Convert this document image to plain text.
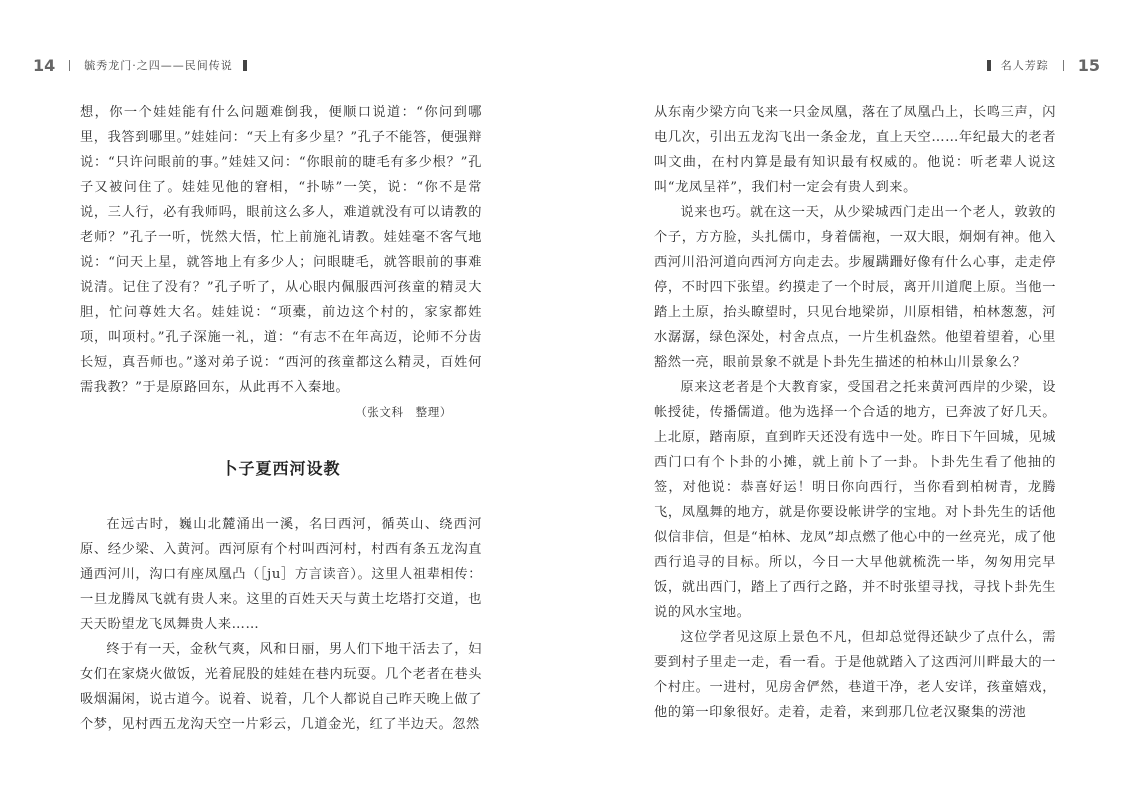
14	毓秀龙门·之四——民间传说

想，你一个娃娃能有什么问题难倒我，便顺口说道：“你问到哪里，我答到哪里。”娃娃问：“天上有多少星？”孔子不能答，便强辩说：“只许问眼前的事。”娃娃又问：“你眼前的睫毛有多少根？”孔子又被问住了。娃娃见他的窘相，“扑哧”一笑，说：“你不是常说，三人行，必有我师吗，眼前这么多人，难道就没有可以请教的老师？”孔子一听，恍然大悟，忙上前施礼请教。娃娃毫不客气地说：“问天上星，就答地上有多少人；问眼睫毛，就答眼前的事难说清。记住了没有？”孔子听了，从心眼内佩服西河孩童的精灵大胆，忙问尊姓大名。娃娃说：“项橐，前边这个村的，家家都姓项，叫项村。”孔子深施一礼，道：“有志不在年高迈，论师不分齿长短，真吾师也。”遂对弟子说：“西河的孩童都这么精灵，百姓何需我教？”于是原路回东，从此再不入秦地。

（张文科　整理）
卜子夏西河设教

在远古时，巍山北麓涌出一溪，名曰西河，循英山、绕西河原、经少梁、入黄河。西河原有个村叫西河村，村西有条五龙沟直通西河川，沟口有座凤凰凸（［ju］方言读音）。这里人祖辈相传：一旦龙腾凤飞就有贵人来。这里的百姓天天与黄土圪塔打交道，也天天盼望龙飞凤舞贵人来……

终于有一天，金秋气爽，风和日丽，男人们下地干活去了，妇女们在家烧火做饭，光着屁股的娃娃在巷内玩耍。几个老者在巷头吸烟漏闲，说古道今。说着、说着，几个人都说自己昨天晚上做了个梦，见村西五龙沟天空一片彩云，几道金光，红了半边天。忽然

名人芳踪 15

从东南少梁方向飞来一只金凤凰，落在了凤凰凸上，长鸣三声，闪电几次，引出五龙沟飞出一条金龙，直上天空……年纪最大的老者叫文曲，在村内算是最有知识最有权威的。他说：听老辈人说这叫“龙凤呈祥”，我们村一定会有贵人到来。

说来也巧。就在这一天，从少梁城西门走出一个老人，敦敦的个子，方方脸，头扎儒巾，身着儒袍，一双大眼，炯炯有神。他入西河川沿河道向西河方向走去。步履蹒跚好像有什么心事，走走停停，不时四下张望。约摸走了一个时辰，离开川道爬上原。当他一踏上土原，抬头瞭望时，只见台地梁峁，川原相错，柏林葱葱，河水潺潺，绿色深处，村舍点点，一片生机盎然。他望着望着，心里豁然一亮，眼前景象不就是卜卦先生描述的柏林山川景象么？

原来这老者是个大教育家，受国君之托来黄河西岸的少梁，设帐授徒，传播儒道。他为选择一个合适的地方，已奔波了好几天。上北原，踏南原，直到昨天还没有选中一处。昨日下午回城，见城西门口有个卜卦的小摊，就上前卜了一卦。卜卦先生看了他抽的签，对他说：恭喜好运！明日你向西行，当你看到柏树青，龙腾飞，凤凰舞的地方，就是你要设帐讲学的宝地。对卜卦先生的话他似信非信，但是“柏林、龙凤”却点燃了他心中的一丝亮光，成了他西行追寻的目标。所以，今日一大早他就梳洗一毕，匆匆用完早饭，就出西门，踏上了西行之路，并不时张望寻找，寻找卜卦先生说的风水宝地。

这位学者见这原上景色不凡，但却总觉得还缺少了点什么，需要到村子里走一走，看一看。于是他就踏入了这西河川畔最大的一个村庄。一进村，见房舍俨然，巷道干净，老人安详，孩童嬉戏，他的第一印象很好。走着，走着，来到那几位老汉聚集的涝池
